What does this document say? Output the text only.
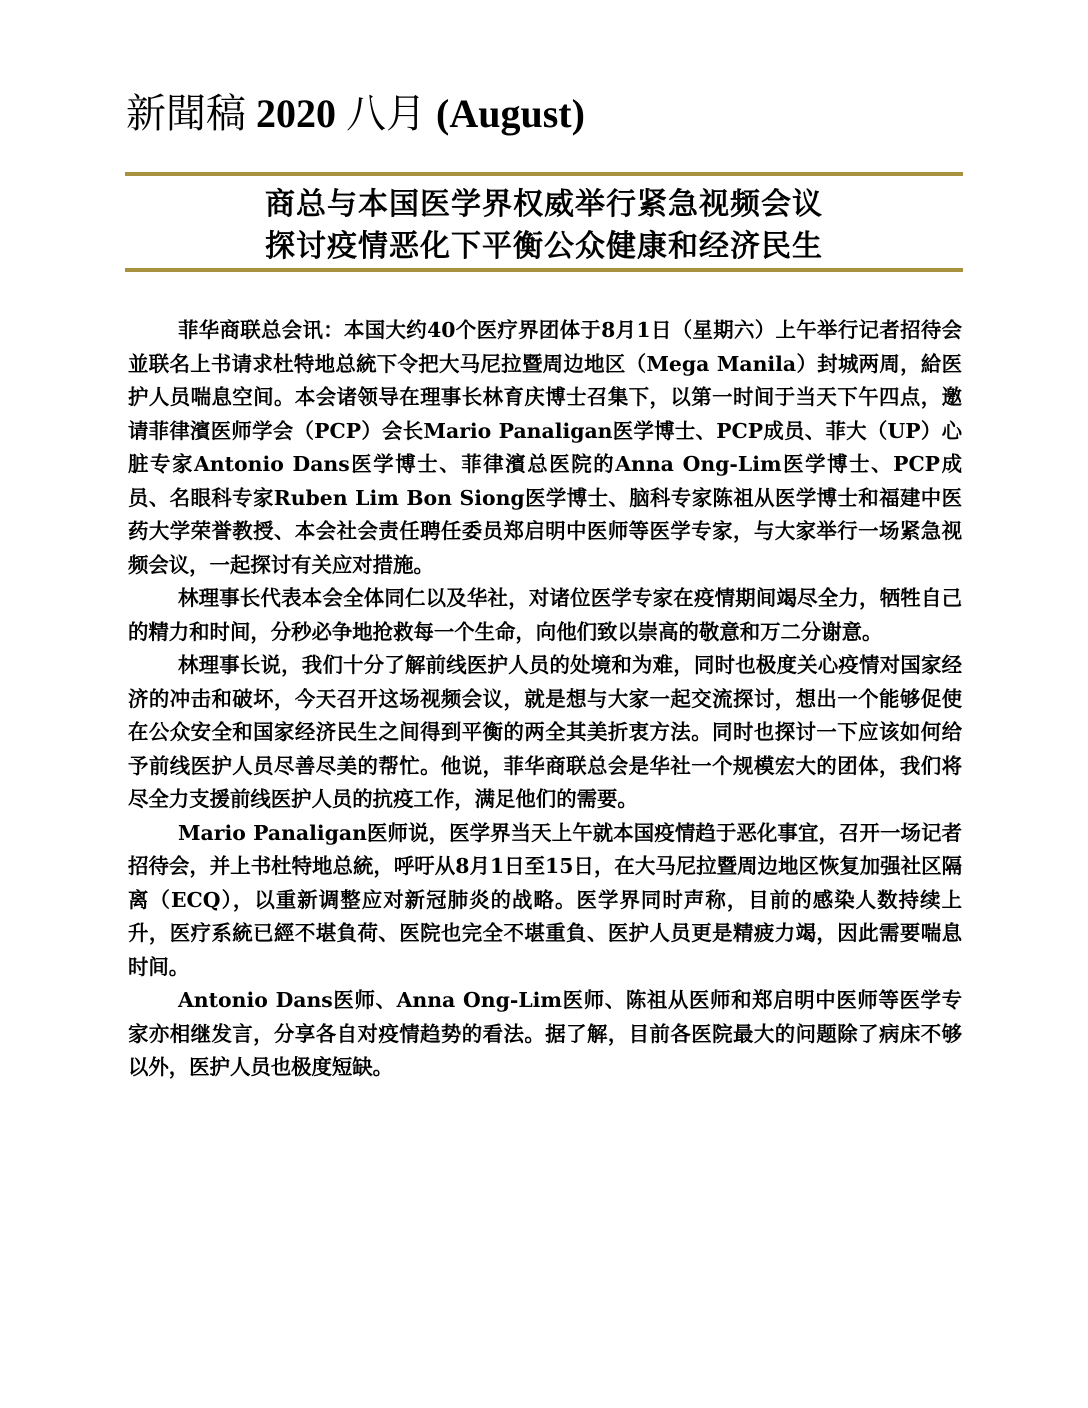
新聞稿 2020 八月 (August)
商总与本国医学界权威举行紧急视频会议
探讨疫情恶化下平衡公众健康和经济民生

菲华商联总会讯：本国大约40个医疗界团体于8月1日（星期六）上午举行记者招待会並联名上书请求杜特地总統下令把大马尼拉暨周边地区（Mega Manila）封城两周，給医护人员喘息空间。本会诸领导在理事长林育庆博士召集下，以第一时间于当天下午四点，邀请菲律濱医师学会（PCP）会长Mario Panaligan医学博士、PCP成员、菲大（UP）心脏专家Antonio Dans医学博士、菲律濱总医院的Anna Ong-Lim医学博士、PCP成员、名眼科专家Ruben Lim Bon Siong医学博士、脑科专家陈祖从医学博士和福建中医药大学荣誉教授、本会社会责任聘任委员郑启明中医师等医学专家，与大家举行一场紧急视频会议，一起探讨有关应对措施。

林理事长代表本会全体同仁以及华社，对诸位医学专家在疫情期间竭尽全力，牺牲自己的精力和时间，分秒必争地抢救每一个生命，向他们致以崇高的敬意和万二分谢意。

林理事长说，我们十分了解前线医护人员的处境和为难，同时也极度关心疫情对国家经济的冲击和破坏，今天召开这场视频会议，就是想与大家一起交流探讨，想出一个能够促使在公众安全和国家经济民生之间得到平衡的两全其美折衷方法。同时也探讨一下应该如何给予前线医护人员尽善尽美的帮忙。他说，菲华商联总会是华社一个规模宏大的团体，我们将尽全力支援前线医护人员的抗疫工作，满足他们的需要。

Mario Panaligan医师说，医学界当天上午就本国疫情趋于恶化事宜，召开一场记者招待会，并上书杜特地总統，呼吁从8月1日至15日，在大马尼拉暨周边地区恢复加强社区隔离（ECQ），以重新调整应对新冠肺炎的战略。医学界同时声称，目前的感染人数持续上升，医疗系統已經不堪負荷、医院也完全不堪重負、医护人员更是精疲力竭，因此需要喘息时间。

Antonio Dans医师、Anna Ong-Lim医师、陈祖从医师和郑启明中医师等医学专家亦相继发言，分享各自对疫情趋势的看法。据了解，目前各医院最大的问题除了病床不够以外，医护人员也极度短缺。
